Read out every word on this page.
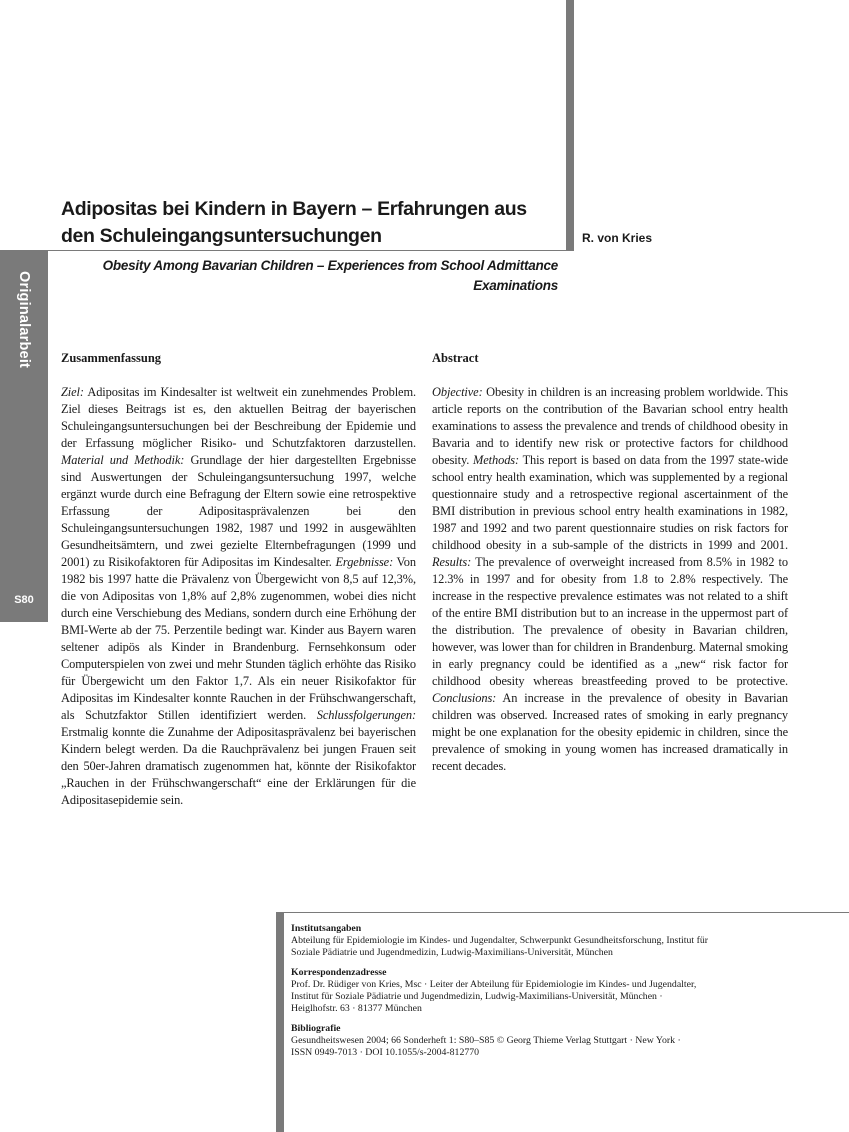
Originalarbeit
S80
Adipositas bei Kindern in Bayern – Erfahrungen aus den Schuleingangsuntersuchungen	R. von Kries
Obesity Among Bavarian Children – Experiences from School Admittance Examinations
Zusammenfassung

Ziel: Adipositas im Kindesalter ist weltweit ein zunehmendes Problem. Ziel dieses Beitrags ist es, den aktuellen Beitrag der bayerischen Schuleingangsuntersuchungen bei der Beschreibung der Epidemie und der Erfassung möglicher Risiko- und Schutzfaktoren darzustellen. Material und Methodik: Grundlage der hier dargestellten Ergebnisse sind Auswertungen der Schuleingangsuntersuchung 1997, welche ergänzt wurde durch eine Befragung der Eltern sowie eine retrospektive Erfassung der Adipositasprävalenzen bei den Schuleingangsuntersuchungen 1982, 1987 und 1992 in ausgewählten Gesundheitsämtern, und zwei gezielte Elternbefragungen (1999 und 2001) zu Risikofaktoren für Adipositas im Kindesalter. Ergebnisse: Von 1982 bis 1997 hatte die Prävalenz von Übergewicht von 8,5 auf 12,3%, die von Adipositas von 1,8% auf 2,8% zugenommen, wobei dies nicht durch eine Verschiebung des Medians, sondern durch eine Erhöhung der BMI-Werte ab der 75. Perzentile bedingt war. Kinder aus Bayern waren seltener adipös als Kinder in Brandenburg. Fernsehkonsum oder Computerspielen von zwei und mehr Stunden täglich erhöhte das Risiko für Übergewicht um den Faktor 1,7. Als ein neuer Risikofaktor für Adipositas im Kindesalter konnte Rauchen in der Frühschwangerschaft, als Schutzfaktor Stillen identifiziert werden. Schlussfolgerungen: Erstmalig konnte die Zunahme der Adipositasprävalenz bei bayerischen Kindern belegt werden. Da die Rauchprävalenz bei jungen Frauen seit den 50er-Jahren dramatisch zugenommen hat, könnte der Risikofaktor „Rauchen in der Frühschwangerschaft“ eine der Erklärungen für die Adipositasepidemie sein.

Abstract

Objective: Obesity in children is an increasing problem worldwide. This article reports on the contribution of the Bavarian school entry health examinations to assess the prevalence and trends of childhood obesity in Bavaria and to identify new risk or protective factors for childhood obesity. Methods: This report is based on data from the 1997 state-wide school entry health examination, which was supplemented by a regional questionnaire study and a retrospective regional ascertainment of the BMI distribution in previous school entry health examinations in 1982, 1987 and 1992 and two parent questionnaire studies on risk factors for childhood obesity in a sub-sample of the districts in 1999 and 2001. Results: The prevalence of overweight increased from 8.5% in 1982 to 12.3% in 1997 and for obesity from 1.8 to 2.8% respectively. The increase in the respective prevalence estimates was not related to a shift of the entire BMI distribution but to an increase in the uppermost part of the distribution. The prevalence of obesity in Bavarian children, however, was lower than for children in Brandenburg. Maternal smoking in early pregnancy could be identified as a „new“ risk factor for childhood obesity whereas breastfeeding proved to be protective. Conclusions: An increase in the prevalence of obesity in Bavarian children was observed. Increased rates of smoking in early pregnancy might be one explanation for the obesity epidemic in children, since the prevalence of smoking in young women has increased dramatically in recent decades.

Institutsangaben
Abteilung für Epidemiologie im Kindes- und Jugendalter, Schwerpunkt Gesundheitsforschung, Institut für
Soziale Pädiatrie und Jugendmedizin, Ludwig-Maximilians-Universität, München
Korrespondenzadresse
Prof. Dr. Rüdiger von Kries, Msc · Leiter der Abteilung für Epidemiologie im Kindes- und Jugendalter,
Institut für Soziale Pädiatrie und Jugendmedizin, Ludwig-Maximilians-Universität, München ·
Heiglhofstr. 63 · 81377 München
Bibliografie
Gesundheitswesen 2004; 66 Sonderheft 1: S80–S85 © Georg Thieme Verlag Stuttgart · New York ·
ISSN 0949-7013 · DOI 10.1055/s-2004-812770
